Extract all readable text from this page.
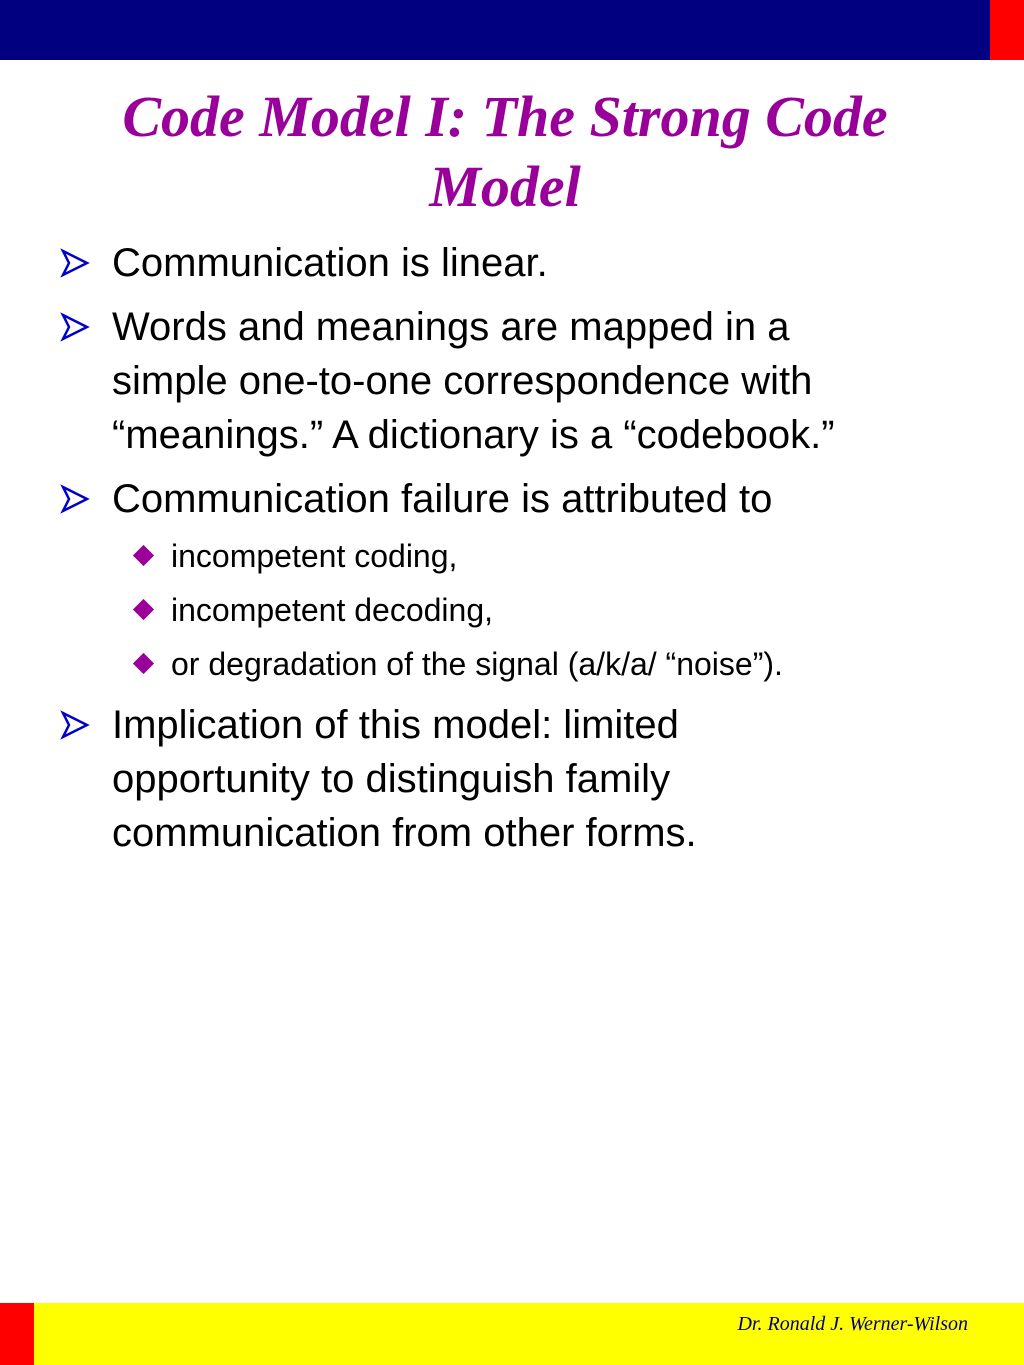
Code Model I: The Strong Code
Model
Communication is linear.
Words and meanings are mapped in a
simple one-to-one correspondence with
“meanings.” A dictionary is a “codebook.”
Communication failure is attributed to
incompetent coding,
incompetent decoding,
or degradation of the signal (a/k/a/ “noise”).
Implication of this model: limited
opportunity to distinguish family
communication from other forms.
Dr. Ronald J. Werner-Wilson
